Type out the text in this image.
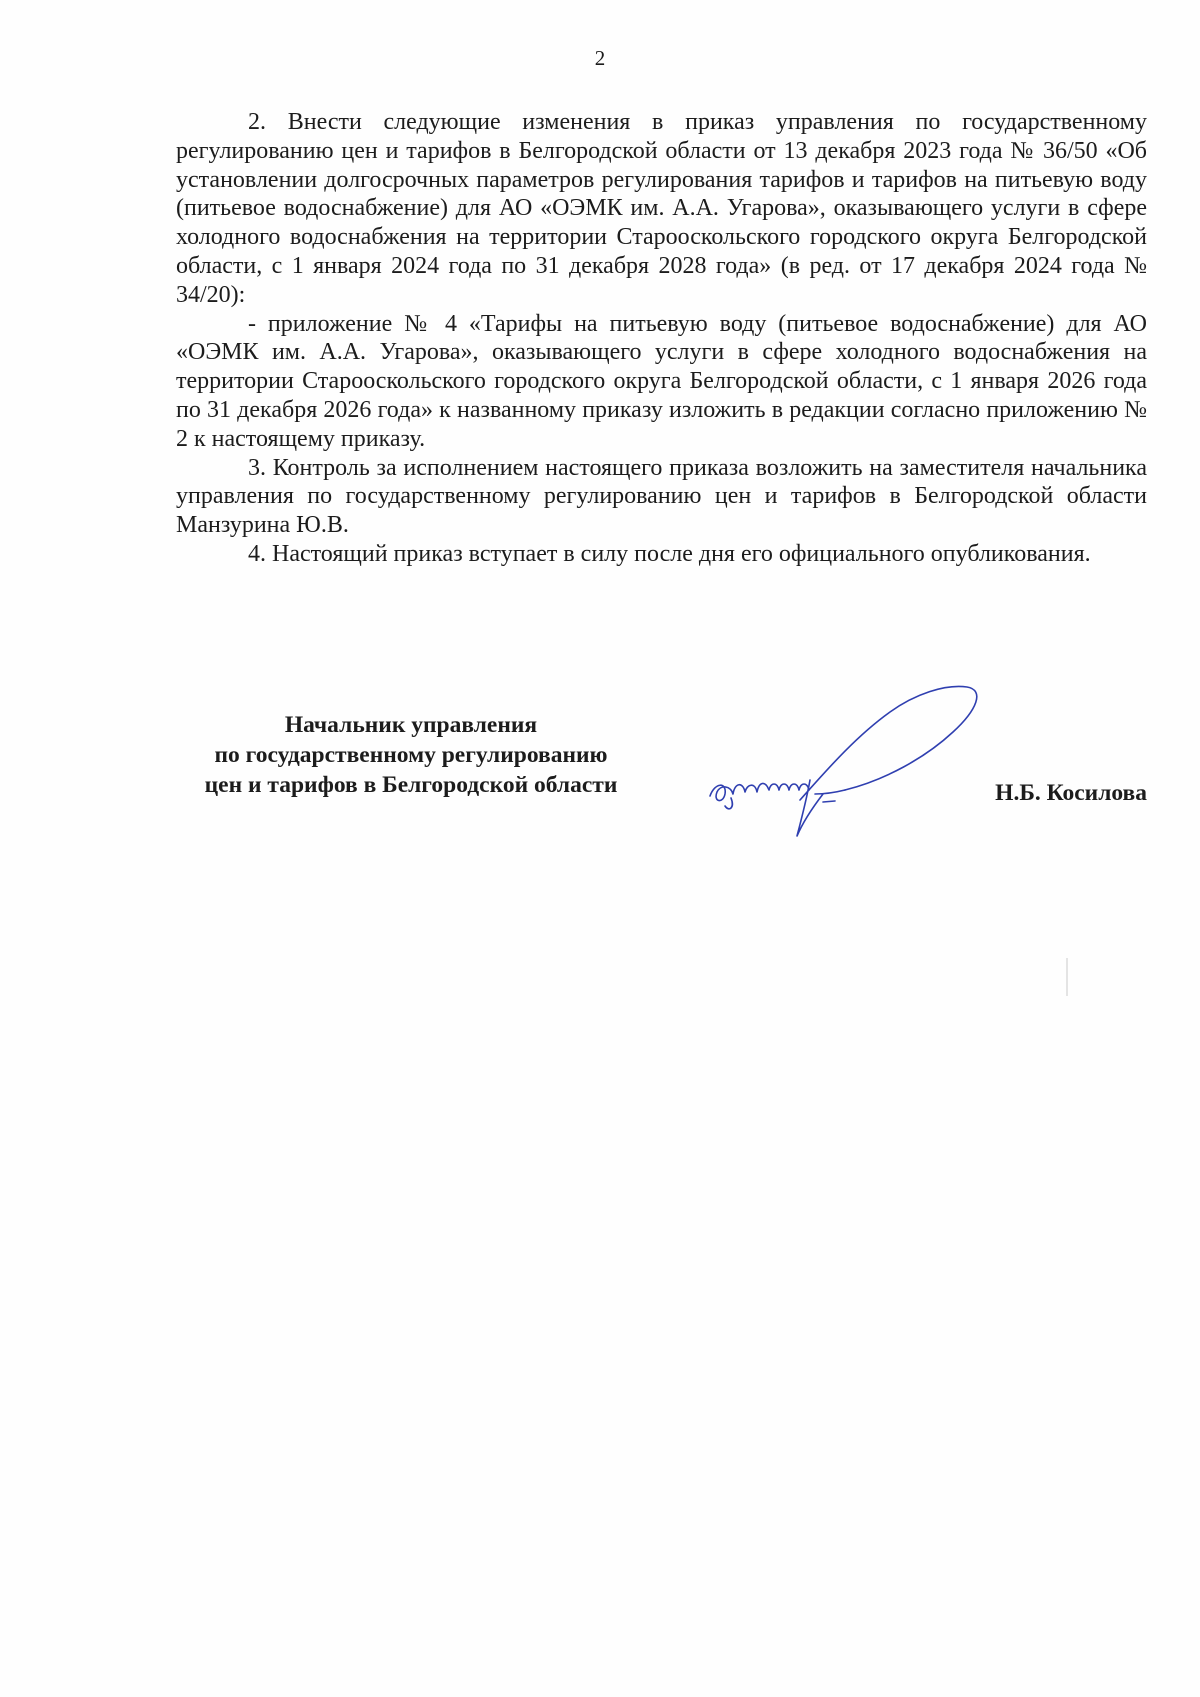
2

2. Внести следующие изменения в приказ управления по государственному регулированию цен и тарифов в Белгородской области от 13 декабря 2023 года № 36/50 «Об установлении долгосрочных параметров регулирования тарифов и тарифов на питьевую воду (питьевое водоснабжение) для АО «ОЭМК им. А.А. Угарова», оказывающего услуги в сфере холодного водоснабжения на территории Старооскольского городского округа Белгородской области, с 1 января 2024 года по 31 декабря 2028 года» (в ред. от 17 декабря 2024 года № 34/20):

- приложение № 4 «Тарифы на питьевую воду (питьевое водоснабжение) для АО «ОЭМК им. А.А. Угарова», оказывающего услуги в сфере холодного водоснабжения на территории Старооскольского городского округа Белгородской области, с 1 января 2026 года по 31 декабря 2026 года» к названному приказу изложить в редакции согласно приложению № 2 к настоящему приказу.

3. Контроль за исполнением настоящего приказа возложить на заместителя начальника управления по государственному регулированию цен и тарифов в Белгородской области Манзурина Ю.В.

4. Настоящий приказ вступает в силу после дня его официального опубликования.

Начальник управления
по государственному регулированию
цен и тарифов в Белгородской области	Н.Б. Косилова
